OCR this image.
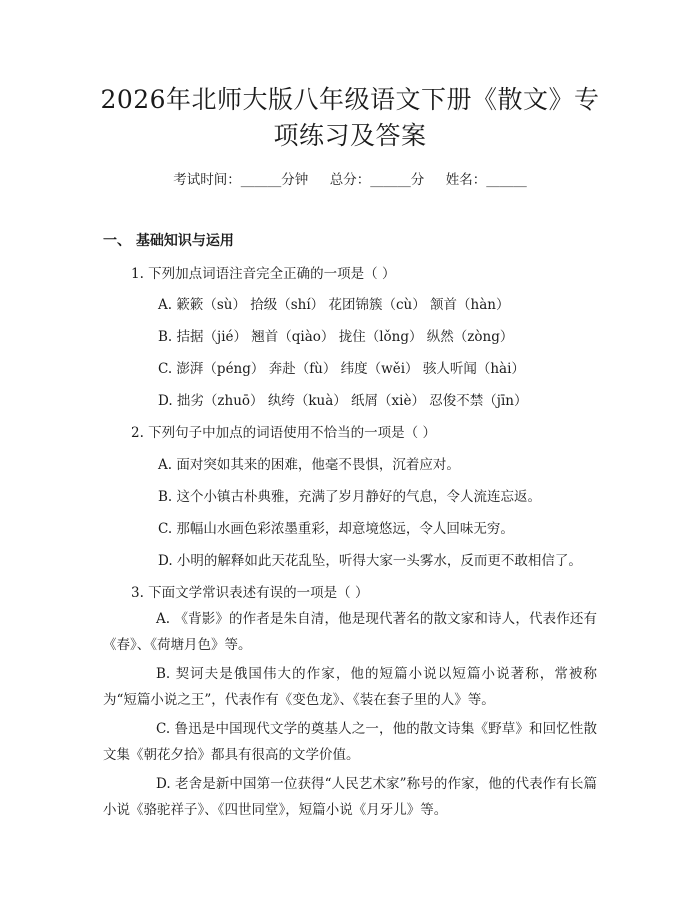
2026年北师大版八年级语文下册《散文》专
项练习及答案
考试时间：______分钟     总分：______分     姓名：______
一、 基础知识与运用
1. 下列加点词语注音完全正确的一项是（ ）
A. 簌簌（sù） 拾级（shí） 花团锦簇（cù） 颔首（hàn）
B. 拮据（jié） 翘首（qiào） 拢住（lǒng） 纵然（zòng）
C. 澎湃（péng） 奔赴（fù） 纬度（wěi） 骇人听闻（hài）
D. 拙劣（zhuō） 纨绔（kuà） 纸屑（xiè） 忍俊不禁（jīn）
2. 下列句子中加点的词语使用不恰当的一项是（ ）
A. 面对突如其来的困难，他毫不畏惧，沉着应对。
B. 这个小镇古朴典雅，充满了岁月静好的气息，令人流连忘返。
C. 那幅山水画色彩浓墨重彩，却意境悠远，令人回味无穷。
D. 小明的解释如此天花乱坠，听得大家一头雾水，反而更不敢相信了。
3. 下面文学常识表述有误的一项是（ ）
A. 《背影》的作者是朱自清，他是现代著名的散文家和诗人，代表作还有《春》、《荷塘月色》等。
B. 契诃夫是俄国伟大的作家，他的短篇小说以短篇小说著称，常被称为“短篇小说之王”，代表作有《变色龙》、《装在套子里的人》等。
C. 鲁迅是中国现代文学的奠基人之一，他的散文诗集《野草》和回忆性散文集《朝花夕拾》都具有很高的文学价值。
D. 老舍是新中国第一位获得“人民艺术家”称号的作家，他的代表作有长篇小说《骆驼祥子》、《四世同堂》，短篇小说《月牙儿》等。
